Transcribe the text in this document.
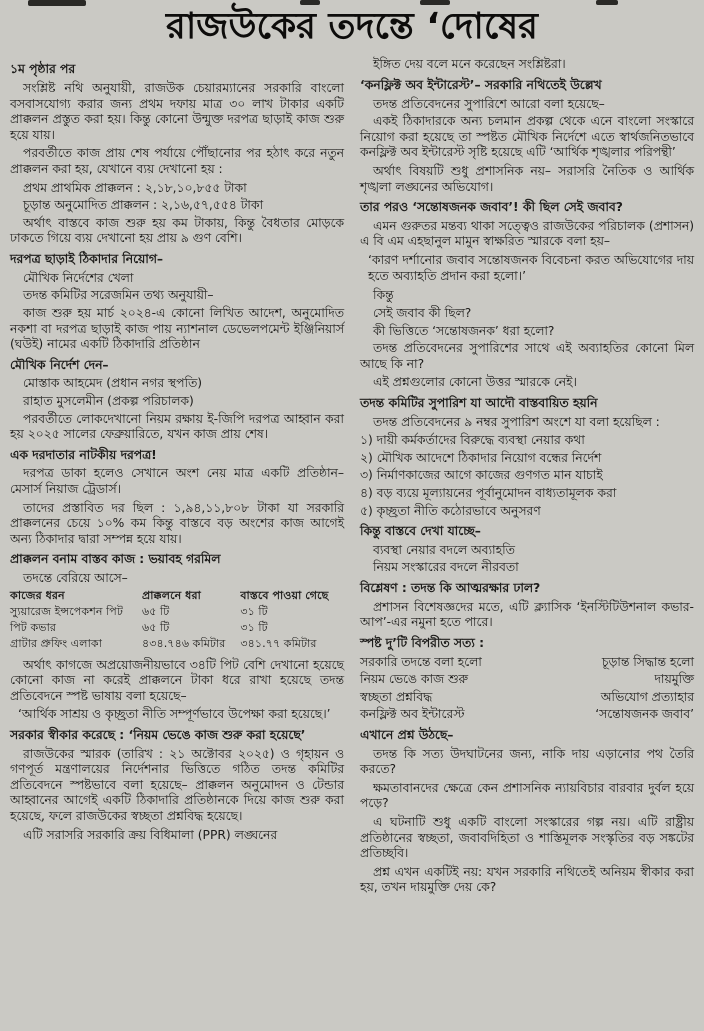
রাজউকের তদন্তে ‘দোষের

১ম পৃষ্ঠার পর

সংশ্লিষ্ট নথি অনুযায়ী, রাজউক চেয়ারম্যানের সরকারি বাংলো বসবাসযোগ্য করার জন্য প্রথম দফায় মাত্র ৩০ লাখ টাকার একটি প্রাক্কলন প্রস্তুত করা হয়। কিন্তু কোনো উন্মুক্ত দরপত্র ছাড়াই কাজ শুরু হয়ে যায়।

পরবর্তীতে কাজ প্রায় শেষ পর্যায়ে পৌঁছানোর পর হঠাৎ করে নতুন প্রাক্কলন করা হয়, যেখানে ব্যয় দেখানো হয় :

প্রথম প্রাথমিক প্রাক্কলন : ২,১৮,১০,৮৫৫ টাকা

চূড়ান্ত অনুমোদিত প্রাক্কলন : ২,১৬,৫৭,৫৫৪ টাকা

অর্থাৎ বাস্তবে কাজ শুরু হয় কম টাকায়, কিন্তু বৈধতার মোড়কে ঢাকতে গিয়ে ব্যয় দেখানো হয় প্রায় ৯ গুণ বেশি।

দরপত্র ছাড়াই ঠিকাদার নিয়োগ–

মৌখিক নির্দেশের খেলা

তদন্ত কমিটির সরেজমিন তথ্য অনুযায়ী–

কাজ শুরু হয় মার্চ ২০২৪-এ কোনো লিখিত আদেশ, অনুমোদিত নকশা বা দরপত্র ছাড়াই কাজ পায় ন্যাশনাল ডেভেলপমেন্ট ইঞ্জিনিয়ার্স (ঘউই) নামের একটি ঠিকাদারি প্রতিষ্ঠান

মৌখিক নির্দেশ দেন–

মোস্তাক আহমেদ (প্রধান নগর স্থপতি)

রাহাত মুসলেমীন (প্রকল্প পরিচালক)

পরবর্তীতে লোকদেখানো নিয়ম রক্ষায় ই-জিপি দরপত্র আহ্বান করা হয় ২০২৫ সালের ফেব্রুয়ারিতে, যখন কাজ প্রায় শেষ।

এক দরদাতার নাটকীয় দরপত্র!

দরপত্র ডাকা হলেও সেখানে অংশ নেয় মাত্র একটি প্রতিষ্ঠান– মেসার্স নিয়াজ ট্রেডার্স।

তাদের প্রস্তাবিত দর ছিল : ১,৯৪,১১,৮০৮ টাকা যা সরকারি প্রাক্কলনের চেয়ে ১০% কম কিন্তু বাস্তবে বড় অংশের কাজ আগেই অন্য ঠিকাদার দ্বারা সম্পন্ন হয়ে যায়।

প্রাক্কলন বনাম বাস্তব কাজ : ভয়াবহ গরমিল

তদন্তে বেরিয়ে আসে–

কাজের ধরন	প্রাক্কলনে ধরা	বাস্তবে পাওয়া গেছে
স্যুয়ারেজ ইন্সপেকশন পিট	৬৫ টি	৩১ টি
পিট কভার	৬৫ টি	৩১ টি
গ্রাটার প্রুফিং এলাকা	৪৩৪.৭৪৬ কমিটার	৩৪১.৭৭ কমিটার

অর্থাৎ কাগজে অপ্রয়োজনীয়ভাবে ৩৪টি পিট বেশি দেখানো হয়েছে কোনো কাজ না করেই প্রাক্কলনে টাকা ধরে রাখা হয়েছে তদন্ত প্রতিবেদনে স্পষ্ট ভাষায় বলা হয়েছে–

‘আর্থিক সাশ্রয় ও কৃচ্ছ্রতা নীতি সম্পূর্ণভাবে উপেক্ষা করা হয়েছে।’

সরকার স্বীকার করেছে : ‘নিয়ম ভেঙে কাজ শুরু করা হয়েছে’

রাজউকের স্মারক (তারিখ : ২১ অক্টোবর ২০২৫) ও গৃহায়ন ও গণপূর্ত মন্ত্রণালয়ের নির্দেশনার ভিত্তিতে গঠিত তদন্ত কমিটির প্রতিবেদনে স্পষ্টভাবে বলা হয়েছে– প্রাক্কলন অনুমোদন ও টেন্ডার আহ্বানের আগেই একটি ঠিকাদারি প্রতিষ্ঠানকে দিয়ে কাজ শুরু করা হয়েছে, ফলে রাজউকের স্বচ্ছতা প্রশ্নবিদ্ধ হয়েছে।

এটি সরাসরি সরকারি ক্রয় বিধিমালা (PPR) লঙ্ঘনের

ইঙ্গিত দেয় বলে মনে করেছেন সংশ্লিষ্টরা।

‘কনফ্লিক্ট অব ইন্টারেস্ট’– সরকারি নথিতেই উল্লেখ

তদন্ত প্রতিবেদনের সুপারিশে আরো বলা হয়েছে–

একই ঠিকাদারকে অন্য চলমান প্রকল্প থেকে এনে বাংলো সংস্কারে নিয়োগ করা হয়েছে তা স্পষ্টত মৌখিক নির্দেশে এতে স্বার্থজনিতভাবে কনফ্লিক্ট অব ইন্টারেস্ট সৃষ্টি হয়েছে এটি ‘আর্থিক শৃঙ্খলার পরিপন্থী’

অর্থাৎ বিষয়টি শুধু প্রশাসনিক নয়– সরাসরি নৈতিক ও আর্থিক শৃঙ্খলা লঙ্ঘনের অভিযোগ।

তার পরও ‘সন্তোষজনক জবাব’! কী ছিল সেই জবাব?

এমন গুরুতর মন্তব্য থাকা সত্ত্বেও রাজউকের পরিচালক (প্রশাসন) এ বি এম এহছানুল মামুন স্বাক্ষরিত স্মারকে বলা হয়–

‘কারণ দর্শানোর জবাব সন্তোষজনক বিবেচনা করত অভিযোগের দায় হতে অব্যাহতি প্রদান করা হলো।’

কিন্তু

সেই জবাব কী ছিল?

কী ভিত্তিতে ‘সন্তোষজনক’ ধরা হলো?

তদন্ত প্রতিবেদনের সুপারিশের সাথে এই অব্যাহতির কোনো মিল আছে কি না?

এই প্রশ্নগুলোর কোনো উত্তর স্মারকে নেই।

তদন্ত কমিটির সুপারিশ যা আদৌ বাস্তবায়িত হয়নি

তদন্ত প্রতিবেদনের ৯ নম্বর সুপারিশ অংশে যা বলা হয়েছিল :

১) দায়ী কর্মকর্তাদের বিরুদ্ধে ব্যবস্থা নেয়ার কথা

২) মৌখিক আদেশে ঠিকাদার নিয়োগ বন্ধের নির্দেশ

৩) নির্মাণকাজের আগে কাজের গুণগত মান যাচাই

৪) বড় ব্যয়ে মূল্যায়নের পূর্বানুমোদন বাধ্যতামূলক করা

৫) কৃচ্ছ্রতা নীতি কঠোরভাবে অনুসরণ

কিন্তু বাস্তবে দেখা যাচ্ছে–

ব্যবস্থা নেয়ার বদলে অব্যাহতি

নিয়ম সংস্কারের বদলে নীরবতা

বিশ্লেষণ : তদন্ত কি আত্মরক্ষার ঢাল?

প্রশাসন বিশেষজ্ঞদের মতে, এটি ক্ল্যাসিক ‘ইনস্টিটিউশনাল কভার-আপ’-এর নমুনা হতে পারে।

স্পষ্ট দু’টি বিপরীত সত্য :

সরকারি তদন্তে বলা হলো	চূড়ান্ত সিদ্ধান্ত হলো
নিয়ম ভেঙে কাজ শুরু	দায়মুক্তি
স্বচ্ছতা প্রশ্নবিদ্ধ	অভিযোগ প্রত্যাহার
কনফ্লিক্ট অব ইন্টারেস্ট	‘সন্তোষজনক জবাব’

এখানে প্রশ্ন উঠছে–

তদন্ত কি সত্য উদঘাটনের জন্য, নাকি দায় এড়ানোর পথ তৈরি করতে?

ক্ষমতাবানদের ক্ষেত্রে কেন প্রশাসনিক ন্যায়বিচার বারবার দুর্বল হয়ে পড়ে?

এ ঘটনাটি শুধু একটি বাংলো সংস্কারের গল্প নয়। এটি রাষ্ট্রীয় প্রতিষ্ঠানের স্বচ্ছতা, জবাবদিহিতা ও শাস্তিমূলক সংস্কৃতির বড় সঙ্কটের প্রতিচ্ছবি।

প্রশ্ন এখন একটিই নয়: যখন সরকারি নথিতেই অনিয়ম স্বীকার করা হয়, তখন দায়মুক্তি দেয় কে?
